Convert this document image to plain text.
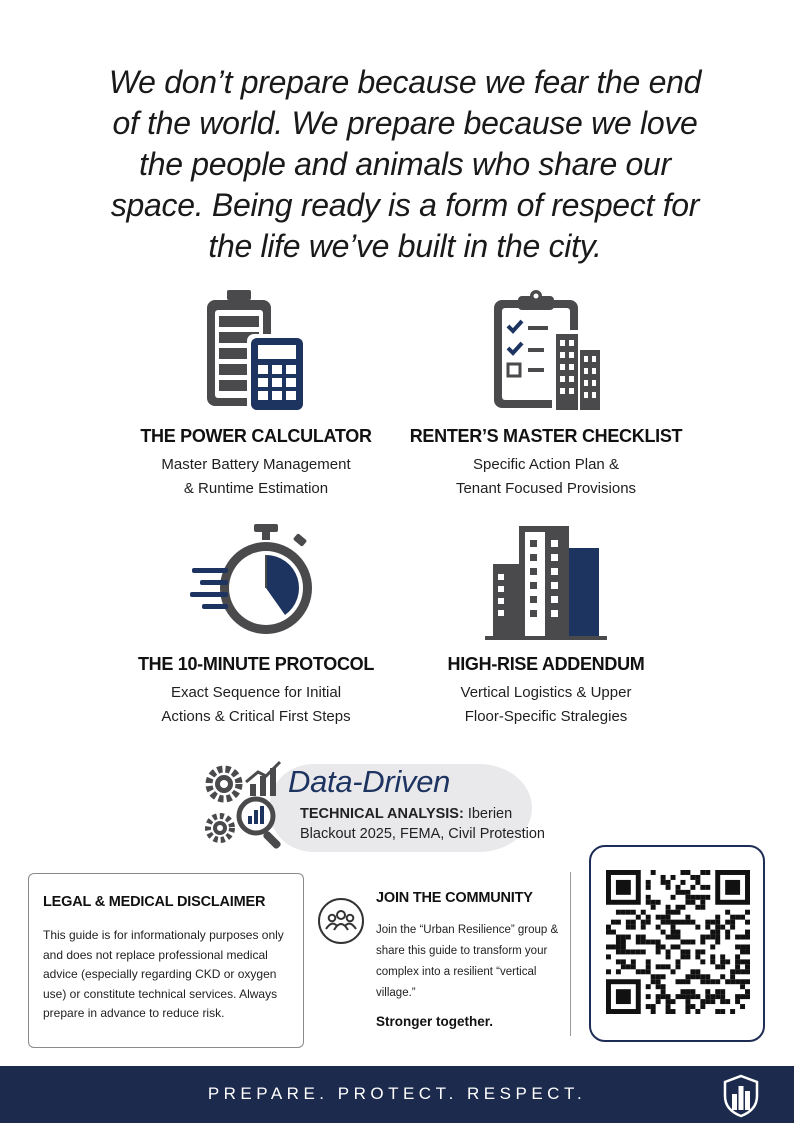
We don’t prepare because we fear the end of the world. We prepare because we love the people and animals who share our space. Being ready is a form of respect for the life we’ve built in the city.
THE POWER CALCULATOR
Master Battery Management
& Runtime Estimation
RENTER’S MASTER CHECKLIST
Specific Action Plan &
Tenant Focused Provisions
THE 10-MINUTE PROTOCOL
Exact Sequence for Initial
Actions & Critical First Steps
HIGH-RISE ADDENDUM
Vertical Logistics & Upper
Floor-Specific Stralegies
Data-Driven
TECHNICAL ANALYSIS: Iberien
Blackout 2025, FEMA, Civil Protestion
LEGAL & MEDICAL DISCLAIMER
This guide is for informationaly purposes only and does not replace professional medical advice (especially regarding CKD or oxygen use) or constitute technical services. Always prepare in advance to reduce risk.
JOIN THE COMMUNITY
Join the “Urban Resilience” group & share this guide to transform your complex into a resilient “vertical village.”
Stronger together.
PREPARE. PROTECT. RESPECT.
